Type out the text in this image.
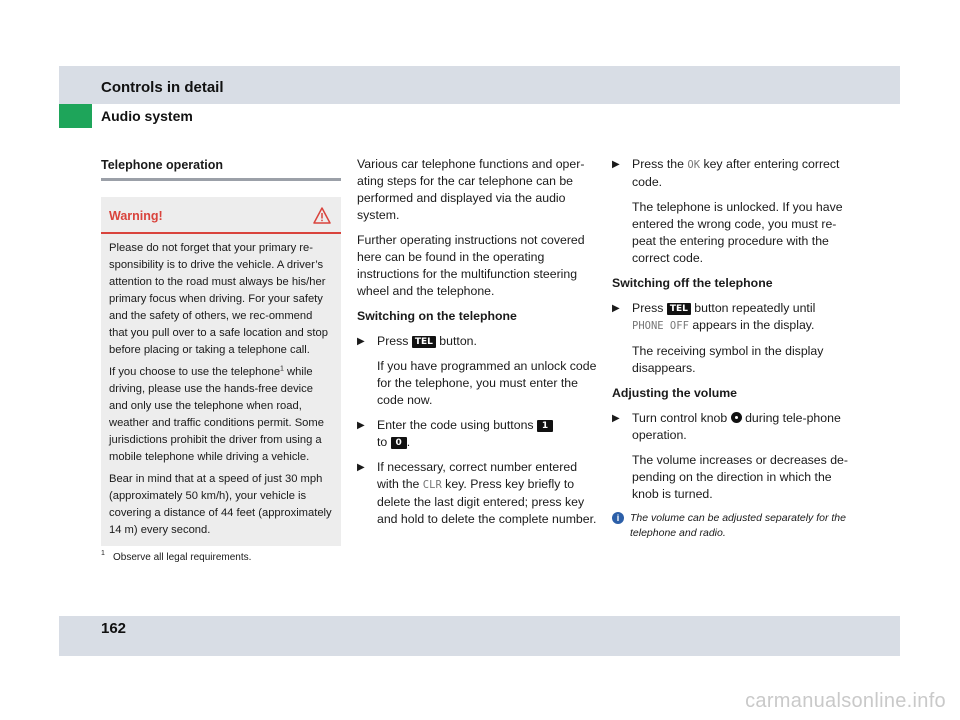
Controls in detail
Audio system
Telephone operation
Warning!

Please do not forget that your primary re-sponsibility is to drive the vehicle. A driver’s attention to the road must always be his/her primary focus when driving. For your safety and the safety of others, we rec-ommend that you pull over to a safe location and stop before placing or taking a telephone call.

If you choose to use the telephone$^1$ while driving, please use the hands-free device and only use the telephone when road, weather and traffic conditions permit. Some jurisdictions prohibit the driver from using a mobile telephone while driving a vehicle.

Bear in mind that at a speed of just 30 mph (approximately 50 km/h), your vehicle is covering a distance of 44 feet (approximately 14 m) every second.

1 Observe all legal requirements.

Various car telephone functions and oper-ating steps for the car telephone can be performed and displayed via the audio system.

Further operating instructions not covered here can be found in the operating instructions for the multifunction steering wheel and the telephone.

Switching on the telephone

▶ Press TEL button.

If you have programmed an unlock code for the telephone, you must enter the code now.

▶ Enter the code using buttons 1
to 0 .
▶ If necessary, correct number entered with the CLR key. Press key briefly to delete the last digit entered; press key and hold to delete the complete number.
▶ Press the OK key after entering correct code.

The telephone is unlocked. If you have entered the wrong code, you must re-peat the entering procedure with the correct code.

Switching off the telephone

▶ Press TEL button repeatedly until
PHONE OFF appears in the display.

The receiving symbol in the display disappears.

Adjusting the volume

▶ Turn control knob  during tele-phone operation.

The volume increases or decreases de-pending on the direction in which the knob is turned.

i	The volume can be adjusted separately for the telephone and radio.
162
carmanualsonline.info
